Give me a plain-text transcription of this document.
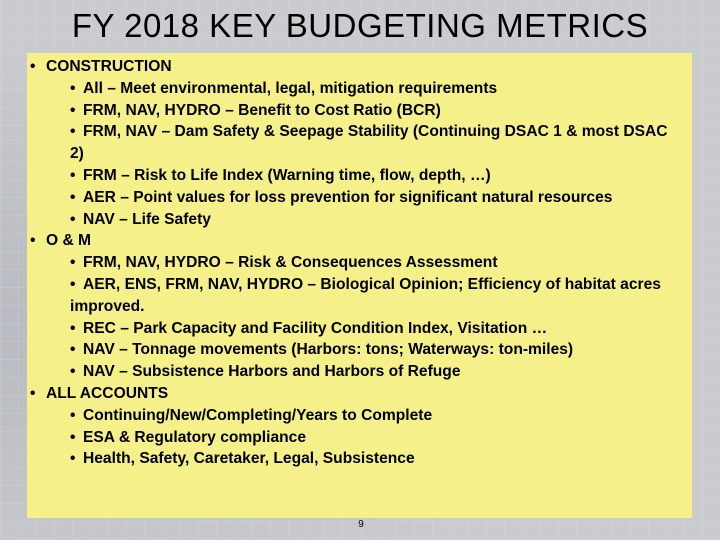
FY 2018 KEY BUDGETING METRICS
• CONSTRUCTION
• All – Meet environmental, legal, mitigation requirements
• FRM, NAV, HYDRO – Benefit to Cost Ratio (BCR)
• FRM, NAV – Dam Safety & Seepage Stability (Continuing DSAC 1 & most DSAC 2)
• FRM – Risk to Life Index (Warning time, flow, depth, …)
• AER – Point values for loss prevention for significant natural resources
• NAV – Life Safety
• O & M
• FRM, NAV, HYDRO – Risk & Consequences Assessment
• AER, ENS, FRM, NAV, HYDRO – Biological Opinion; Efficiency of habitat acres improved.
• REC – Park Capacity and Facility Condition Index, Visitation …
• NAV – Tonnage movements (Harbors: tons; Waterways: ton-miles)
• NAV – Subsistence Harbors and Harbors of Refuge
• ALL ACCOUNTS
• Continuing/New/Completing/Years to Complete
• ESA & Regulatory compliance
• Health, Safety, Caretaker, Legal, Subsistence
9
